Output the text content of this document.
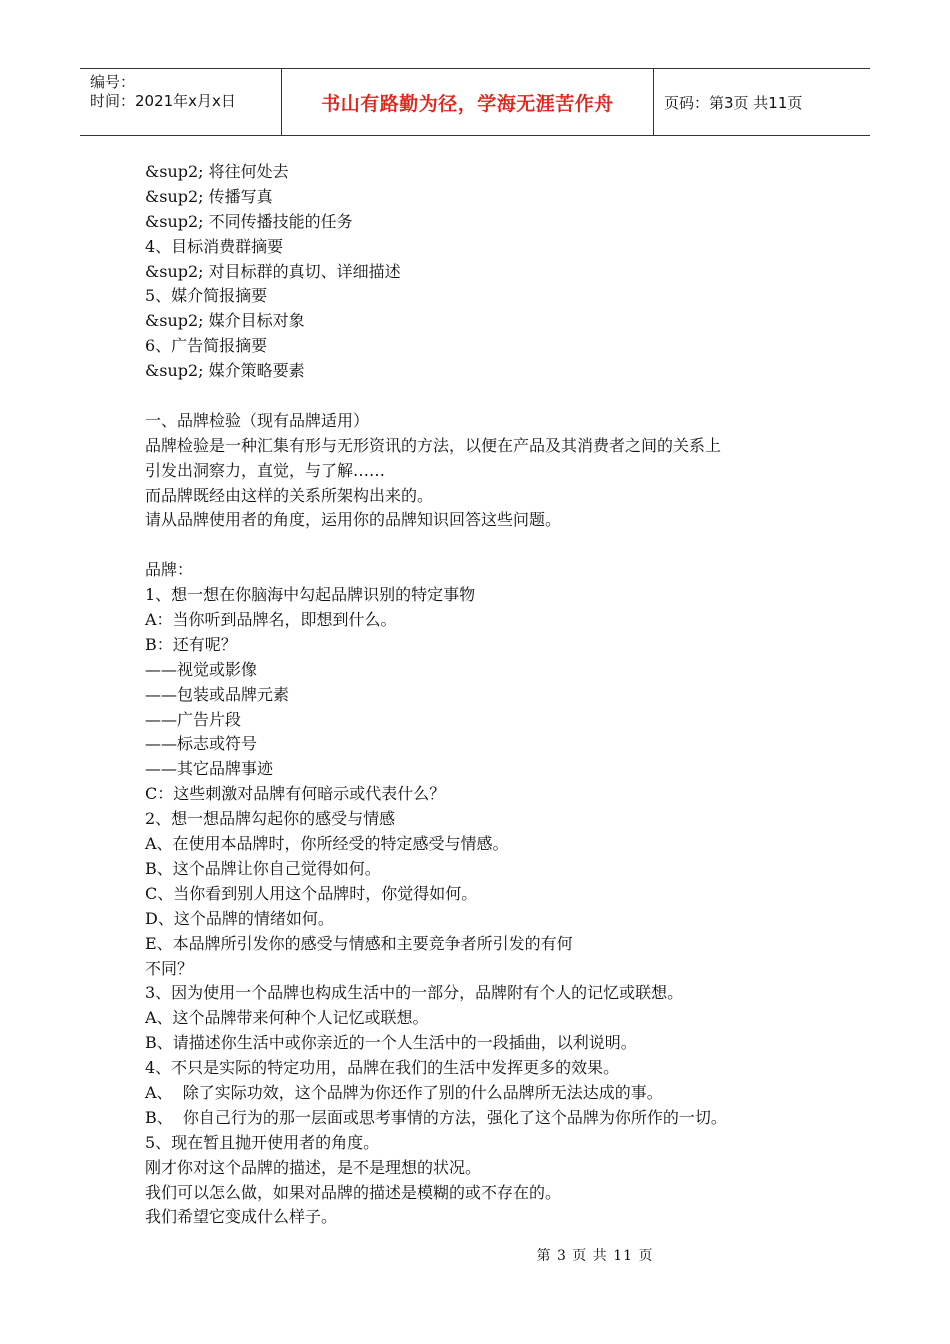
编号：
时间：2021年x月x日	书山有路勤为径，学海无涯苦作舟	页码：第3页 共11页
&sup2; 将往何处去
&sup2; 传播写真
&sup2; 不同传播技能的任务
4、目标消费群摘要
&sup2; 对目标群的真切、详细描述
5、媒介简报摘要
&sup2; 媒介目标对象
6、广告简报摘要
&sup2; 媒介策略要素
一、品牌检验（现有品牌适用）
品牌检验是一种汇集有形与无形资讯的方法，以便在产品及其消费者之间的关系上
引发出洞察力，直觉，与了解……
而品牌既经由这样的关系所架构出来的。
请从品牌使用者的角度，运用你的品牌知识回答这些问题。
品牌：
1、想一想在你脑海中勾起品牌识别的特定事物
A：当你听到品牌名，即想到什么。
B：还有呢？
——视觉或影像
——包装或品牌元素
——广告片段
——标志或符号
——其它品牌事迹
C：这些刺激对品牌有何暗示或代表什么？
2、想一想品牌勾起你的感受与情感
A、在使用本品牌时，你所经受的特定感受与情感。
B、这个品牌让你自己觉得如何。
C、当你看到别人用这个品牌时，你觉得如何。
D、这个品牌的情绪如何。
E、本品牌所引发你的感受与情感和主要竞争者所引发的有何
不同？
3、因为使用一个品牌也构成生活中的一部分，品牌附有个人的记忆或联想。
A、这个品牌带来何种个人记忆或联想。
B、请描述你生活中或你亲近的一个人生活中的一段插曲，以利说明。
4、不只是实际的特定功用，品牌在我们的生活中发挥更多的效果。
A、  除了实际功效，这个品牌为你还作了别的什么品牌所无法达成的事。
B、  你自己行为的那一层面或思考事情的方法，强化了这个品牌为你所作的一切。
5、现在暂且抛开使用者的角度。
刚才你对这个品牌的描述，是不是理想的状况。
我们可以怎么做，如果对品牌的描述是模糊的或不存在的。
我们希望它变成什么样子。
第 3 页 共 11 页
